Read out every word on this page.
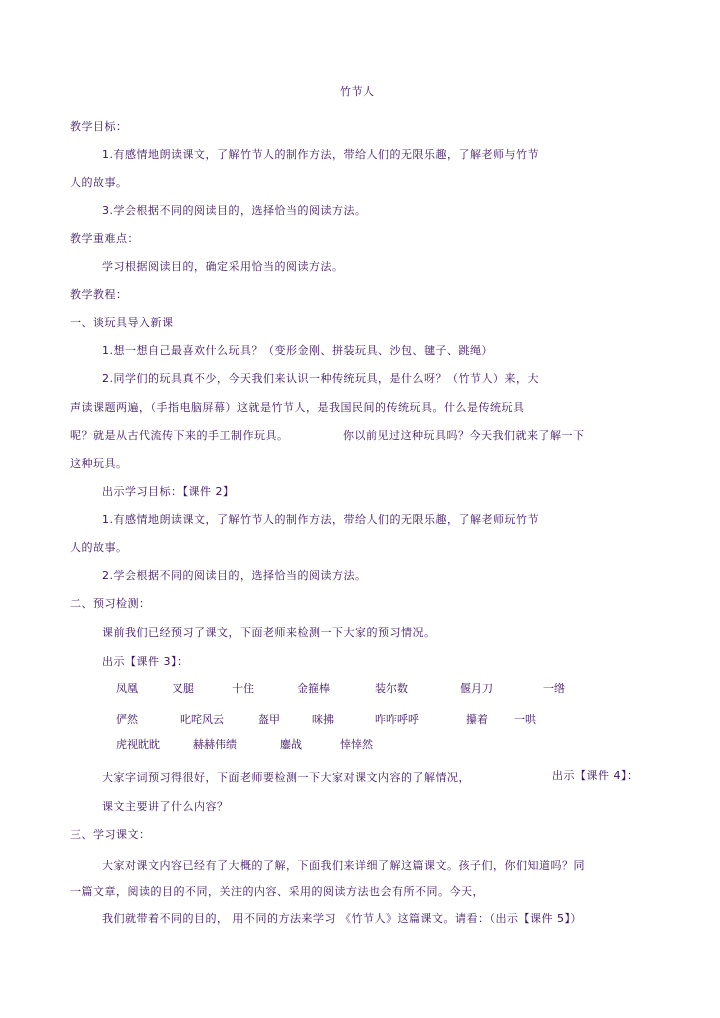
竹节人
教学目标：
1.有感情地朗读课文，了解竹节人的制作方法，带给人们的无限乐趣，了解老师与竹节
人的故事。
3.学会根据不同的阅读目的，选择恰当的阅读方法。
教学重难点：
学习根据阅读目的，确定采用恰当的阅读方法。
教学教程：
一、谈玩具导入新课
1.想一想自己最喜欢什么玩具？（变形金刚、拼装玩具、沙包、毽子、跳绳）
2.同学们的玩具真不少，今天我们来认识一种传统玩具，是什么呀？（竹节人）来，大
声读课题两遍，（手指电脑屏幕）这就是竹节人，是我国民间的传统玩具。什么是传统玩具
呢？就是从古代流传下来的手工制作玩具。	你以前见过这种玩具吗？今天我们就来了解一下
这种玩具。
出示学习目标：【课件 2】
1.有感情地朗读课文，了解竹节人的制作方法，带给人们的无限乐趣，了解老师玩竹节
人的故事。
2.学会根据不同的阅读目的，选择恰当的阅读方法。
二、预习检测：
课前我们已经预习了课文，下面老师来检测一下大家的预习情况。
出示【课件 3】：
凤凰	叉腿	十住	金箍棒	装尔数	偃月刀	一绺
俨然	叱咤风云	盔甲	咪拂	咋咋呼呼	攥着 一哄
虎视眈眈	赫赫伟绩	鏖战	悻悻然
大家字词预习得很好，下面老师要检测一下大家对课文内容的了解情况，	出示【课件 4】：
课文主要讲了什么内容？
三、学习课文：
大家对课文内容已经有了大概的了解，下面我们来详细了解这篇课文。孩子们，你们知道吗？同
一篇文章，阅读的目的不同，关注的内容、采用的阅读方法也会有所不同。今天，
我们就带着不同的目的， 用不同的方法来学习 《竹节人》这篇课文。请看：（出示【课件 5】）
